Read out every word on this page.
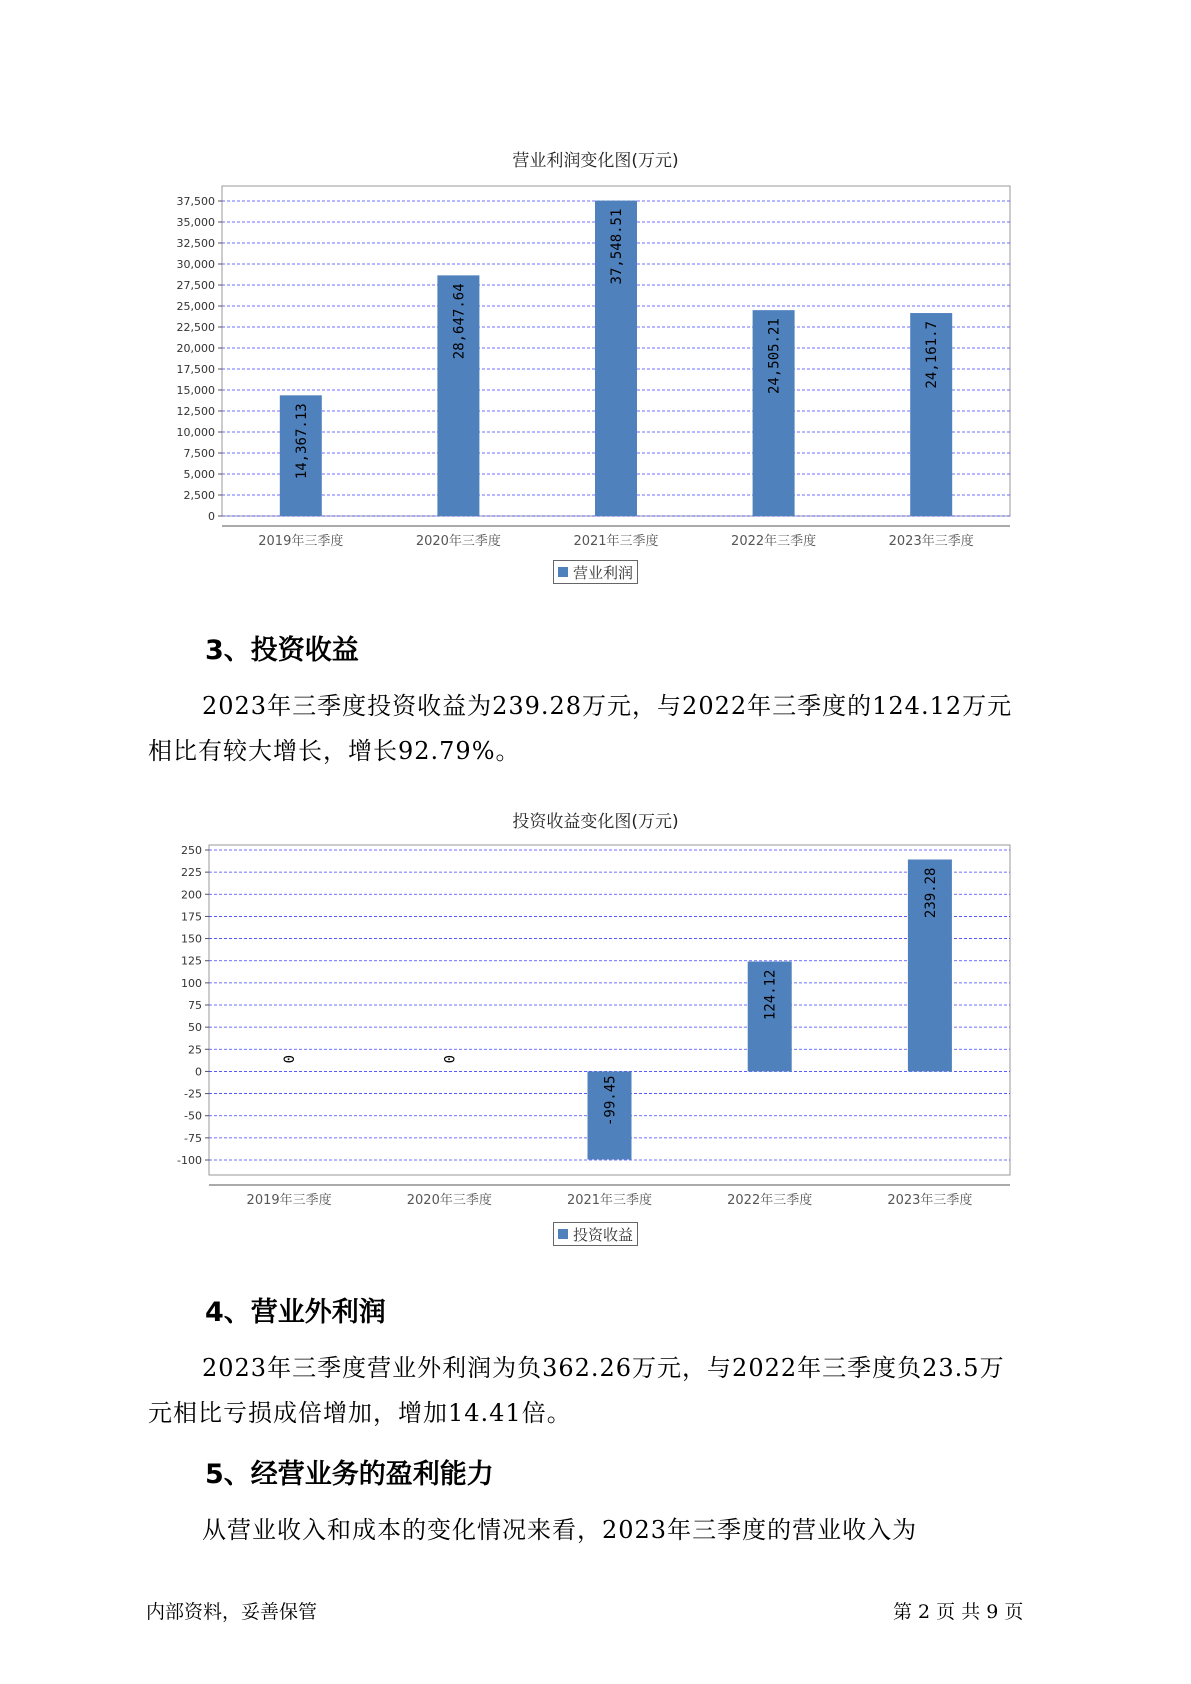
营业利润变化图(万元)
0
2,500
5,000
7,500
10,000
12,500
15,000
17,500
20,000
22,500
25,000
27,500
30,000
32,500
35,000
37,500
14,367.13
2019年三季度
28,647.64
2020年三季度
37,548.51
2021年三季度
24,505.21
2022年三季度
24,161.7
2023年三季度
营业利润
3、投资收益

2023年三季度投资收益为239.28万元，与2022年三季度的124.12万元
相比有较大增长，增长92.79%。

投资收益变化图(万元)
-100
-75
-50
-25
0
25
50
75
100
125
150
175
200
225
250
0
2019年三季度
0
2020年三季度
-99.45
2021年三季度
124.12
2022年三季度
239.28
2023年三季度
投资收益
4、营业外利润

2023年三季度营业外利润为负362.26万元，与2022年三季度负23.5万
元相比亏损成倍增加，增加14.41倍。

5、经营业务的盈利能力

从营业收入和成本的变化情况来看，2023年三季度的营业收入为

内部资料，妥善保管	第 2 页 共 9 页
